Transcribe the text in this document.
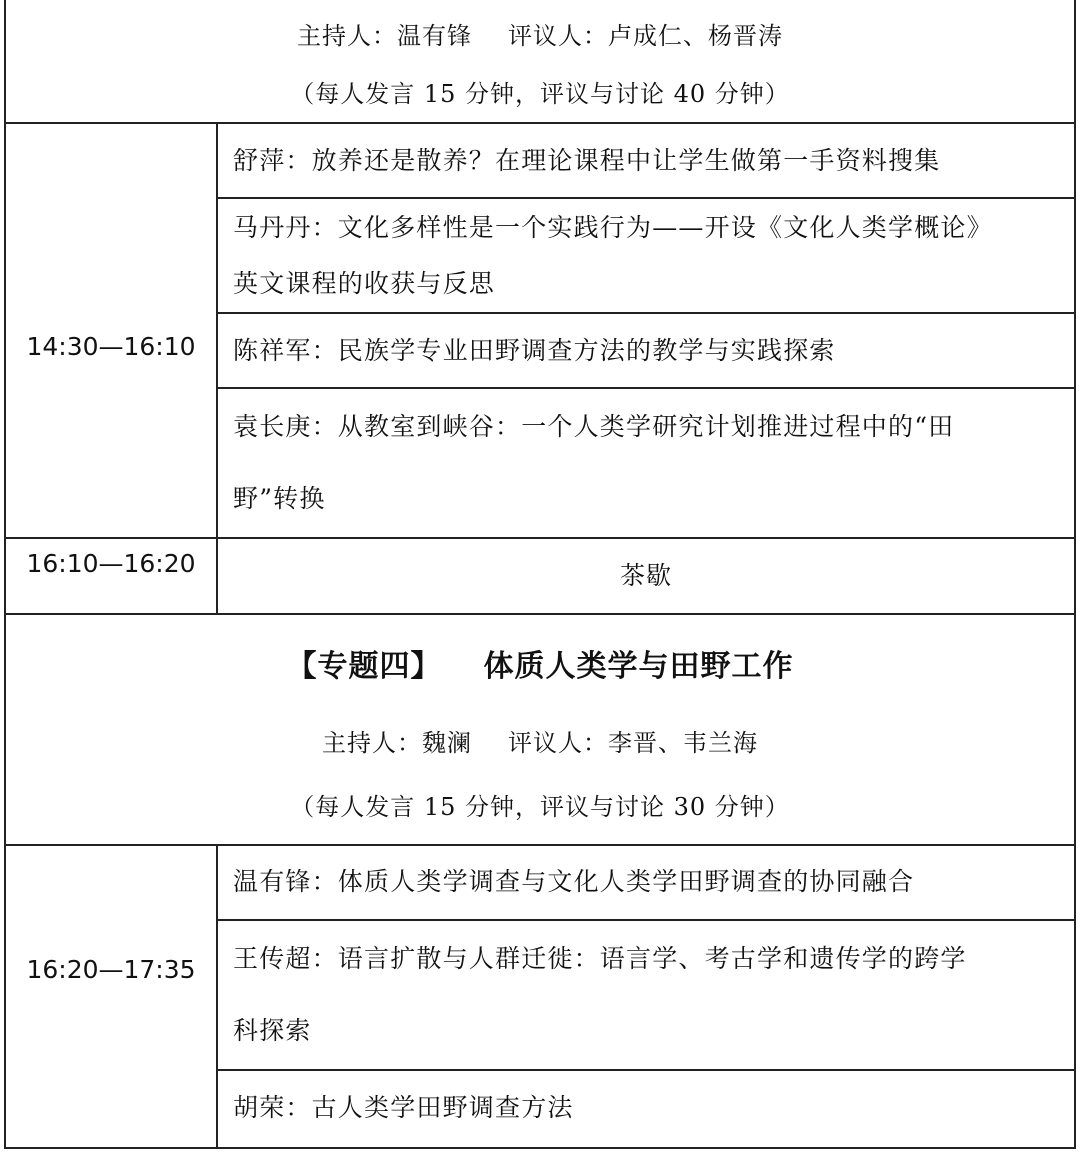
主持人：温有锋 评议人：卢成仁、杨晋涛
（每人发言 15 分钟，评议与讨论 40 分钟）
14:30—16:10
舒萍：放养还是散养？在理论课程中让学生做第一手资料搜集
马丹丹：文化多样性是一个实践行为——开设《文化人类学概论》
英文课程的收获与反思
陈祥军：民族学专业田野调查方法的教学与实践探索
袁长庚：从教室到峡谷：一个人类学研究计划推进过程中的“田
野”转换
16:10—16:20	茶歇
【专题四】 体质人类学与田野工作
主持人：魏澜 评议人：李晋、韦兰海
（每人发言 15 分钟，评议与讨论 30 分钟）
16:20—17:35
温有锋：体质人类学调查与文化人类学田野调查的协同融合
王传超：语言扩散与人群迁徙：语言学、考古学和遗传学的跨学
科探索
胡荣：古人类学田野调查方法
